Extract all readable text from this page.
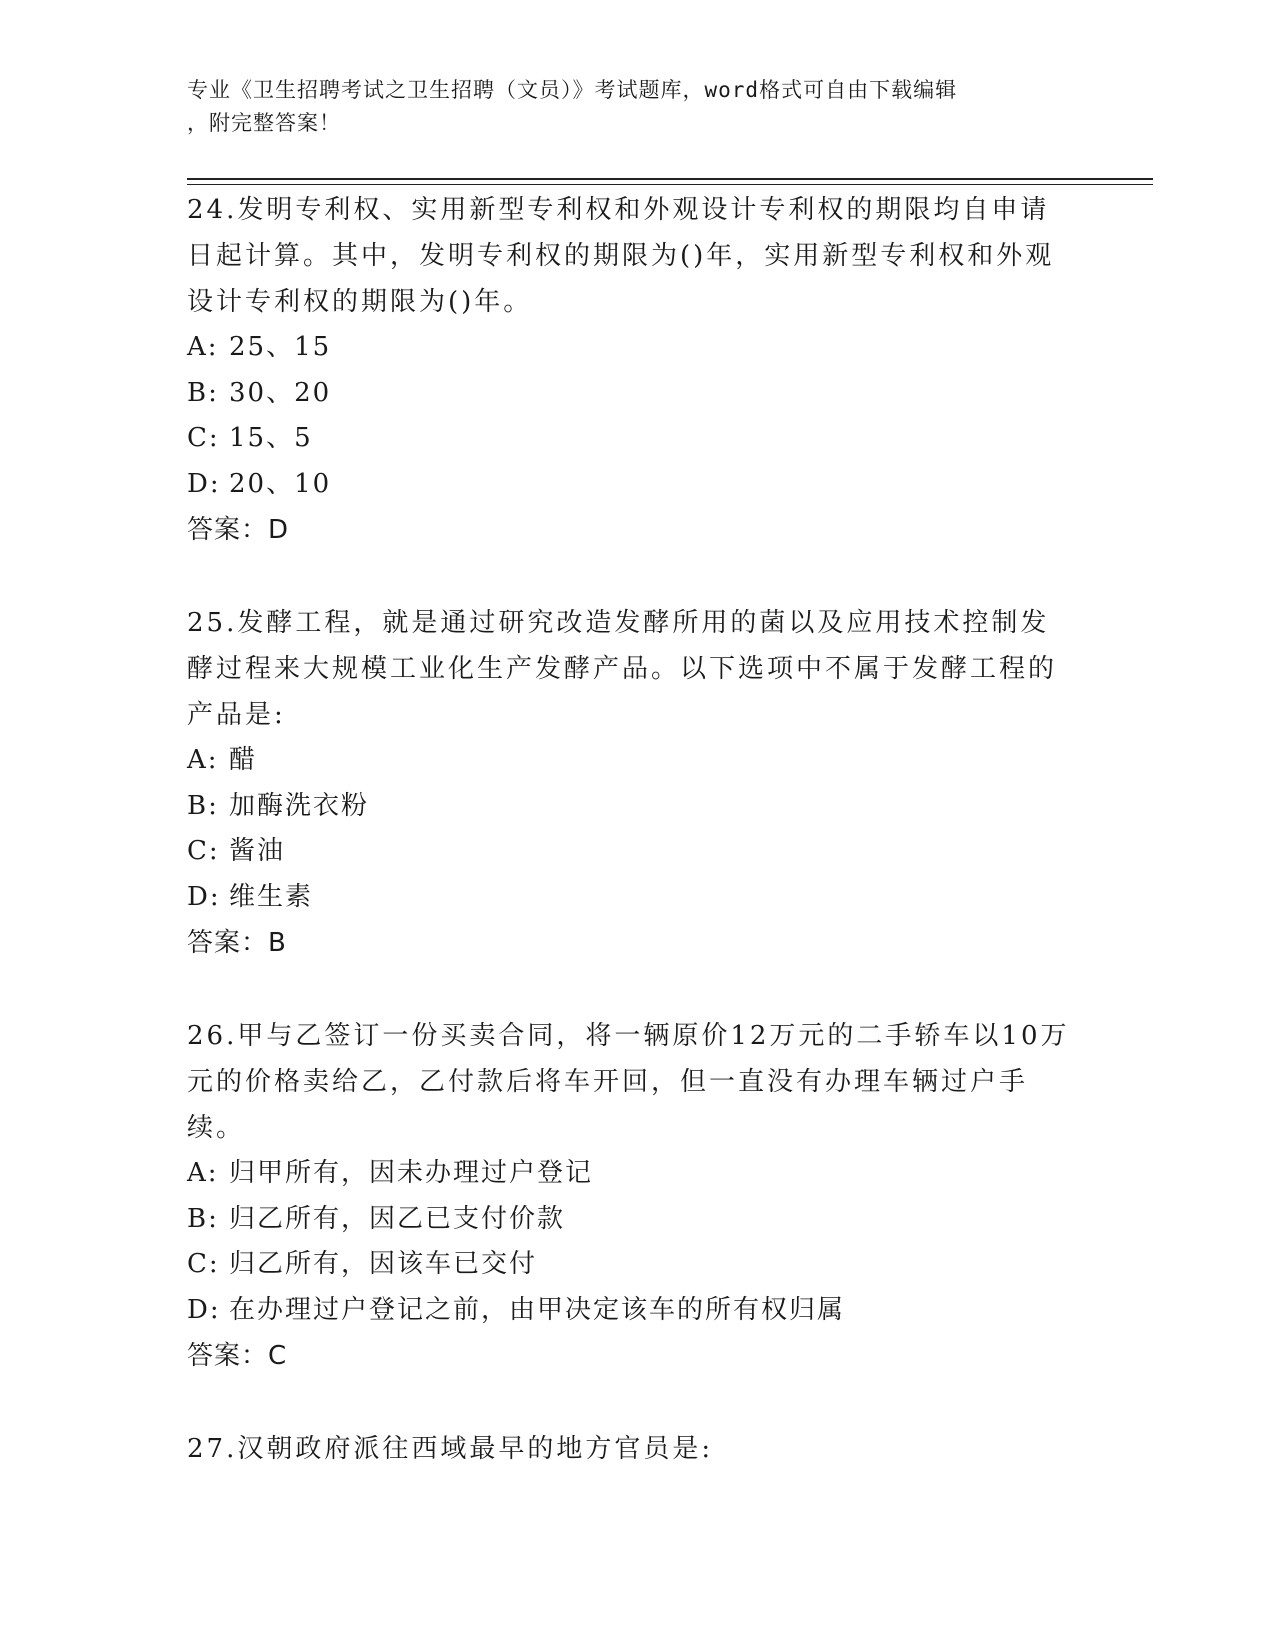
专业《卫生招聘考试之卫生招聘（文员）》考试题库，word格式可自由下载编辑
，附完整答案！

24.发明专利权、实用新型专利权和外观设计专利权的期限均自申请日起计算。其中，发明专利权的期限为()年，实用新型专利权和外观设计专利权的期限为()年。

A: 25、15

B: 30、20

C: 15、5

D: 20、10

答案：D

25.发酵工程，就是通过研究改造发酵所用的菌以及应用技术控制发酵过程来大规模工业化生产发酵产品。以下选项中不属于发酵工程的产品是:

A: 醋

B: 加酶洗衣粉

C: 酱油

D: 维生素

答案：B

26.甲与乙签订一份买卖合同，将一辆原价12万元的二手轿车以10万元的价格卖给乙，乙付款后将车开回，但一直没有办理车辆过户手续。

A: 归甲所有，因未办理过户登记

B: 归乙所有，因乙已支付价款

C: 归乙所有，因该车已交付

D: 在办理过户登记之前，由甲决定该车的所有权归属

答案：C

27.汉朝政府派往西域最早的地方官员是:
